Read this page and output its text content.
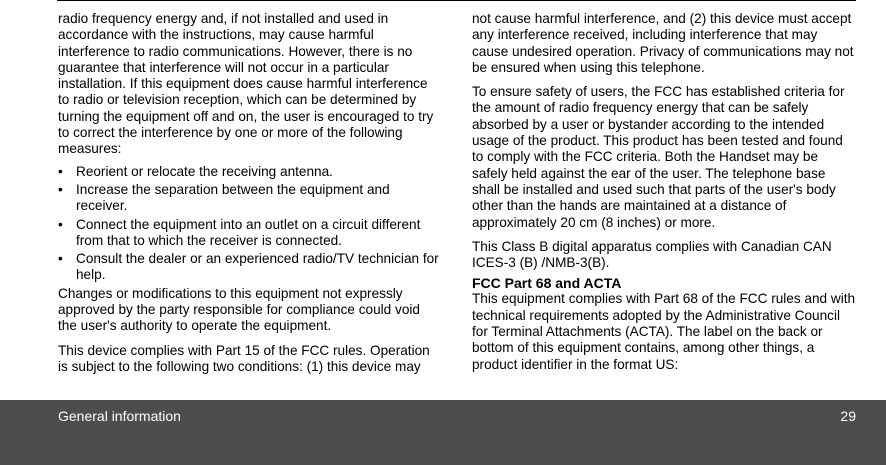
radio frequency energy and, if not installed and used in accordance with the instructions, may cause harmful interference to radio communications. However, there is no guarantee that interference will not occur in a particular installation. If this equipment does cause harmful interference to radio or television reception, which can be determined by turning the equipment off and on, the user is encouraged to try to correct the interference by one or more of the following measures:

• Reorient or relocate the receiving antenna.
• Increase the separation between the equipment and receiver.
• Connect the equipment into an outlet on a circuit different from that to which the receiver is connected.
• Consult the dealer or an experienced radio/TV technician for help.

Changes or modifications to this equipment not expressly approved by the party responsible for compliance could void the user's authority to operate the equipment.

This device complies with Part 15 of the FCC rules. Operation is subject to the following two conditions: (1) this device may

not cause harmful interference, and (2) this device must accept any interference received, including interference that may cause undesired operation. Privacy of communications may not be ensured when using this telephone.

To ensure safety of users, the FCC has established criteria for the amount of radio frequency energy that can be safely absorbed by a user or bystander according to the intended usage of the product. This product has been tested and found to comply with the FCC criteria. Both the Handset may be safely held against the ear of the user. The telephone base shall be installed and used such that parts of the user's body other than the hands are maintained at a distance of approximately 20 cm (8 inches) or more.

This Class B digital apparatus complies with Canadian CAN ICES-3 (B) /NMB-3(B).

FCC Part 68 and ACTA

This equipment complies with Part 68 of the FCC rules and with technical requirements adopted by the Administrative Council for Terminal Attachments (ACTA). The label on the back or bottom of this equipment contains, among other things, a product identifier in the format US:

General information	29
